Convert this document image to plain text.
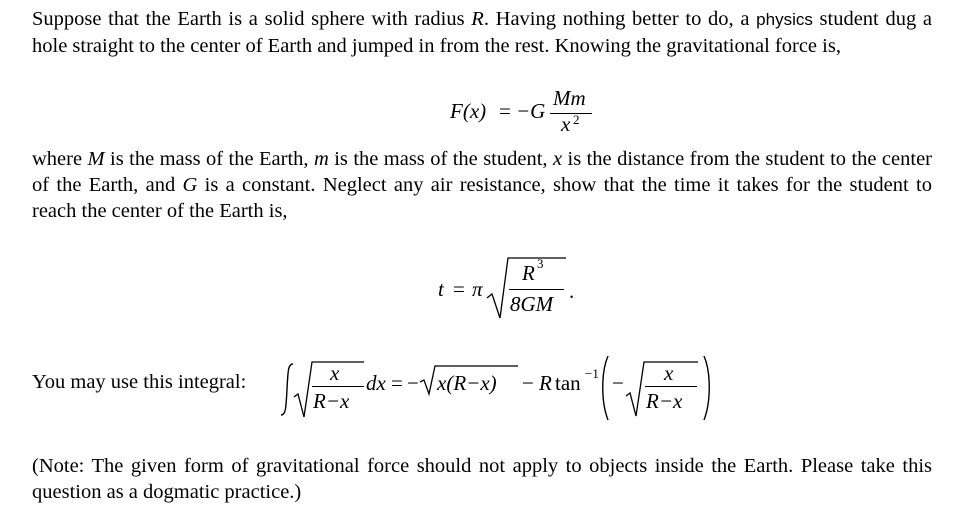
Suppose that the Earth is a solid sphere with radius R. Having nothing better to do, a physics student dug a hole straight to the center of Earth and jumped in from the rest. Knowing the gravitational force is,
F(x) = −G
Mm
x 2
where M is the mass of the Earth, m is the mass of the student, x is the distance from the student to the center of the Earth, and G is a constant. Neglect any air resistance, show that the time it takes for the student to reach the center of the Earth is,
t = π
R 3
8GM
.
You may use this integral:	x
R−x
dx = − x(R−x) − R tan −1 − x
R−x
(Note: The given form of gravitational force should not apply to objects inside the Earth. Please take this question as a dogmatic practice.)
